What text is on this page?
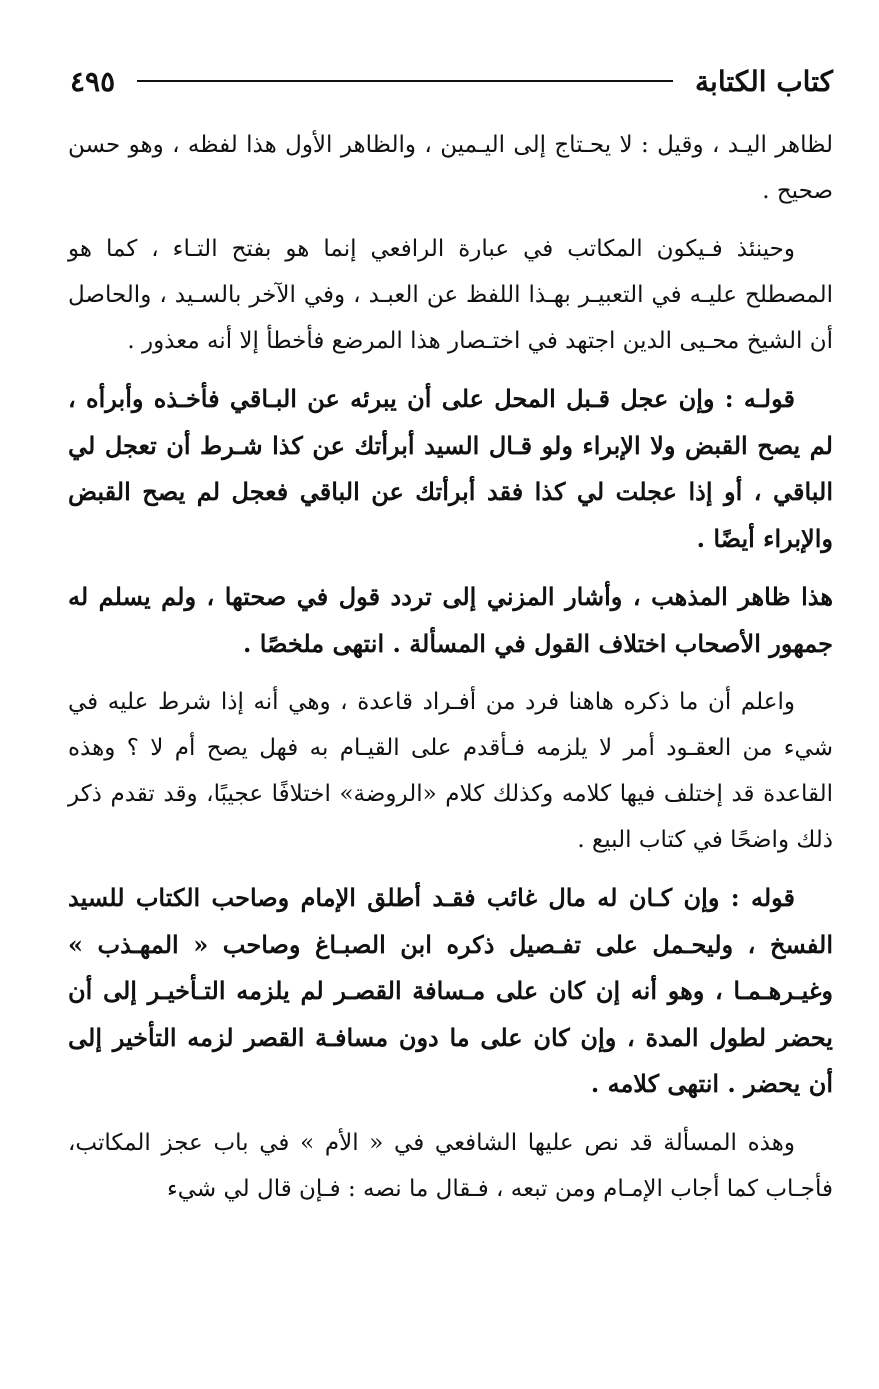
كتاب الكتابة
٤٩٥

لظاهر اليـد ، وقيل : لا يحـتاج إلى اليـمين ، والظاهر الأول هذا لفظه ، وهو حسن صحيح .

وحينئذ فـيكون المكاتب في عبارة الرافعي إنما هو بفتح التـاء ، كما هو المصطلح عليـه في التعبيـر بهـذا اللفظ عن العبـد ، وفي الآخر بالسـيد ، والحاصل أن الشيخ محـيى الدين اجتهد في اختـصار هذا المرضع فأخطأ إلا أنه معذور .

قولـه : وإن عجل قـبل المحل على أن يبرئه عن البـاقي فأخـذه وأبرأه ، لم يصح القبض ولا الإبراء ولو قـال السيد أبرأتك عن كذا شـرط أن تعجل لي الباقي ، أو إذا عجلت لي كذا فقد أبرأتك عن الباقي فعجل لم يصح القبض والإبراء أيضًا .

هذا ظاهر المذهب ، وأشار المزني إلى تردد قول في صحتها ، ولم يسلم له جمهور الأصحاب اختلاف القول في المسألة . انتهى ملخصًا .

واعلم أن ما ذكره هاهنا فرد من أفـراد قاعدة ، وهي أنه إذا شرط عليه في شيء من العقـود أمر لا يلزمه فـأقدم على القيـام به فهل يصح أم لا ؟ وهذه القاعدة قد إختلف فيها كلامه وكذلك كلام «الروضة» اختلافًا عجيبًا، وقد تقدم ذكر ذلك واضحًا في كتاب البيع .

قوله : وإن كـان له مال غائب فقـد أطلق الإمام وصاحب الكتاب للسيد الفسخ ، وليحـمل على تفـصيل ذكره ابن الصبـاغ وصاحب « المهـذب » وغيـرهـمـا ، وهو أنه إن كان على مـسافة القصـر لم يلزمه التـأخيـر إلى أن يحضر لطول المدة ، وإن كان على ما دون مسافـة القصر لزمه التأخير إلى أن يحضر . انتهى كلامه .

وهذه المسألة قد نص عليها الشافعي في « الأم » في باب عجز المكاتب، فأجـاب كما أجاب الإمـام ومن تبعه ، فـقال ما نصه : فـإن قال لي شيء
